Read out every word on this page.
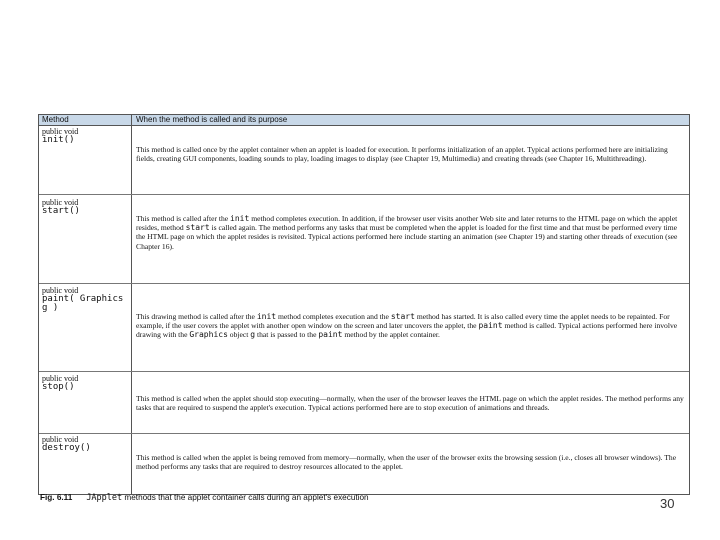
Method	When the method is called and its purpose
public void
init()
This method is called once by the applet container when an applet is loaded for execution. It performs initialization of an applet. Typical actions performed here are initializing fields, creating GUI components, loading sounds to play, loading images to display (see Chapter 19, Multimedia) and creating threads (see Chapter 16, Multithreading).
public void
start()
This method is called after the init method completes execution. In addition, if the browser user visits another Web site and later returns to the HTML page on which the applet resides, method start is called again. The method performs any tasks that must be completed when the applet is loaded for the first time and that must be performed every time the HTML page on which the applet resides is revisited. Typical actions performed here include starting an animation (see Chapter 19) and starting other threads of execution (see Chapter 16).
public void
paint( Graphics g )
This drawing method is called after the init method completes execution and the start method has started. It is also called every time the applet needs to be repainted. For example, if the user covers the applet with another open window on the screen and later uncovers the applet, the paint method is called. Typical actions performed here involve drawing with the Graphics object g that is passed to the paint method by the applet container.
public void
stop()
This method is called when the applet should stop executing—normally, when the user of the browser leaves the HTML page on which the applet resides. The method performs any tasks that are required to suspend the applet's execution. Typical actions performed here are to stop execution of animations and threads.
public void
destroy()
This method is called when the applet is being removed from memory—normally, when the user of the browser exits the browsing session (i.e., closes all browser windows). The method performs any tasks that are required to destroy resources allocated to the applet.
Fig. 6.11 JApplet methods that the applet container calls during an applet's execution	30
